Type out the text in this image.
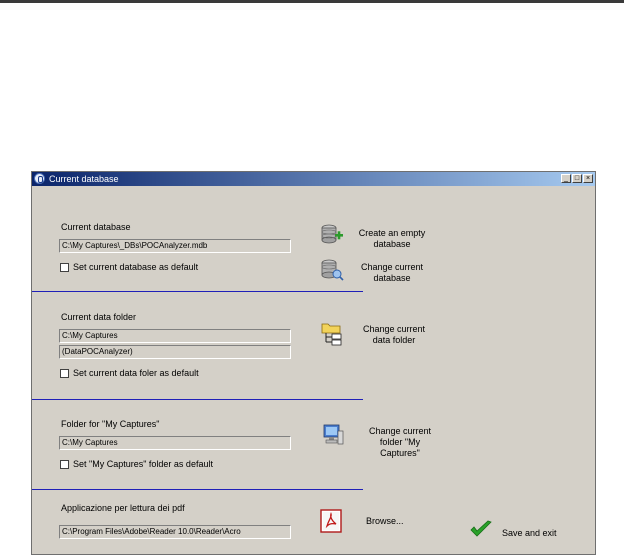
Current database	_ □ ×
Current database
C:\My Captures\_DBs\POCAnalyzer.mdb
Set current database as default
Create an empty database
Change current database
Current data folder
C:\My Captures
(DataPOCAnalyzer)
Set current data foler as default
Change current data folder
Folder for "My Captures"
C:\My Captures
Set "My Captures" folder as default
Change current folder "My Captures"
Applicazione per lettura dei pdf
C:\Program Files\Adobe\Reader 10.0\Reader\Acro
Browse...
Save and exit
